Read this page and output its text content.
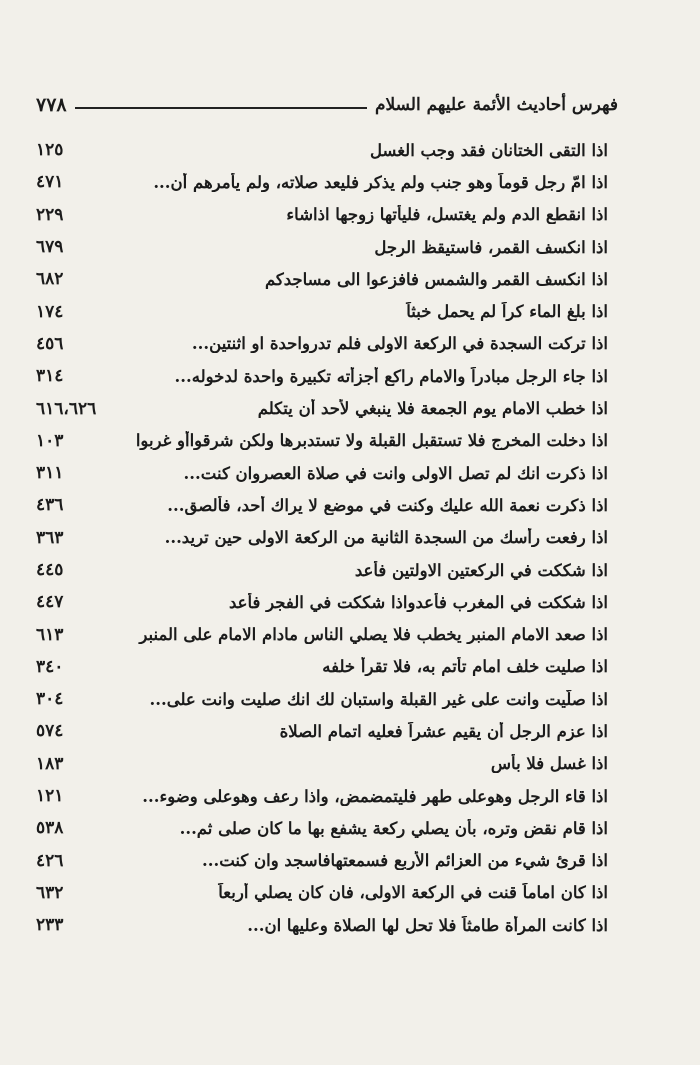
٧٧٨	فهرس أحاديث الأئمة عليهم السلام
اذا التقى الختانان فقد وجب الغسل
١٢٥
اذا امّ رجل قوماً وهو جنب ولم يذكر فليعد صلاته، ولم يأمرهم أن...
٤٧١
اذا انقطع الدم ولم يغتسل، فليأتها زوجها اذاشاء
٢٢٩
اذا انكسف القمر، فاستيقظ الرجل
٦٧٩
اذا انكسف القمر والشمس فافزعوا الى مساجدكم
٦٨٢
اذا بلغ الماء كراً لم يحمل خبثاً
١٧٤
اذا تركت السجدة في الركعة الاولى فلم تدرواحدة او اثنتين...
٤٥٦
اذا جاء الرجل مبادراً والامام راكع أجزأته تكبيرة واحدة لدخوله...
٣١٤
اذا خطب الامام يوم الجمعة فلا ينبغي لأحد أن يتكلم
٦١٦،٦٢٦
اذا دخلت المخرج فلا تستقبل القبلة ولا تستدبرها ولكن شرقواأو غربوا
١٠٣
اذا ذكرت انك لم تصل الاولى وانت في صلاة العصروان كنت...
٣١١
اذا ذكرت نعمة الله عليك وكنت في موضع لا يراك أحد، فألصق...
٤٣٦
اذا رفعت رأسك من السجدة الثانية من الركعة الاولى حين تريد...
٣٦٣
اذا شككت في الركعتين الاولتين فأعد
٤٤٥
اذا شككت في المغرب فأعدواذا شككت في الفجر فأعد
٤٤٧
اذا صعد الامام المنبر يخطب فلا يصلي الناس مادام الامام على المنبر
٦١٣
اذا صليت خلف امام تأتم به، فلا تقرأ خلفه
٣٤٠
اذا صلّيت وانت على غير القبلة واستبان لك انك صليت وانت على...
٣٠٤
اذا عزم الرجل أن يقيم عشراً فعليه اتمام الصلاة
٥٧٤
اذا غسل فلا بأس
١٨٣
اذا قاء الرجل وهوعلى طهر فليتمضمض، واذا رعف وهوعلى وضوء...
١٢١
اذا قام نقض وتره، بأن يصلي ركعة يشفع بها ما كان صلى ثم...
٥٣٨
اذا قرئ شيء من العزائم الأربع فسمعتهافاسجد وان كنت...
٤٢٦
اذا كان اماماً قنت في الركعة الاولى، فان كان يصلي أربعاً
٦٣٢
اذا كانت المرأة طامثاً فلا تحل لها الصلاة وعليها ان...
٢٣٣
